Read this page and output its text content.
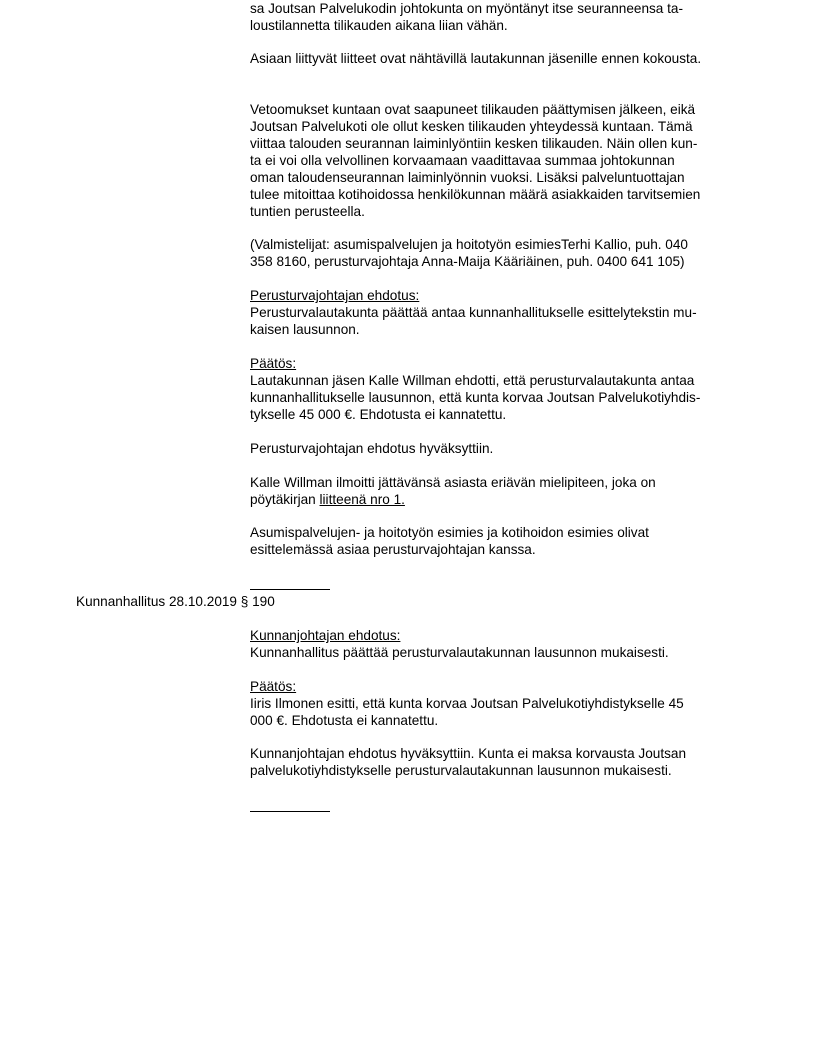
sa Joutsan Palvelukodin johtokunta on myöntänyt itse seuranneensa ta-
loustilannetta tilikauden aikana liian vähän.
Asiaan liittyvät liitteet ovat nähtävillä lautakunnan jäsenille ennen kokousta.
Vetoomukset kuntaan ovat saapuneet tilikauden päättymisen jälkeen, eikä
Joutsan Palvelukoti ole ollut kesken tilikauden yhteydessä kuntaan. Tämä
viittaa talouden seurannan laiminlyöntiin kesken tilikauden. Näin ollen kun-
ta ei voi olla velvollinen korvaamaan vaadittavaa summaa johtokunnan
oman taloudenseurannan laiminlyönnin vuoksi. Lisäksi palveluntuottajan
tulee mitoittaa kotihoidossa henkilökunnan määrä asiakkaiden tarvitsemien
tuntien perusteella.
(Valmistelijat: asumispalvelujen ja hoitotyön esimiesTerhi Kallio, puh. 040
358 8160, perusturvajohtaja Anna-Maija Kääriäinen, puh. 0400 641 105)
Perusturvajohtajan ehdotus:
Perusturvalautakunta päättää antaa kunnanhallitukselle esittelytekstin mu-
kaisen lausunnon.
Päätös:
Lautakunnan jäsen Kalle Willman ehdotti, että perusturvalautakunta antaa
kunnanhallitukselle lausunnon, että kunta korvaa Joutsan Palvelukotiyhdis-
tykselle 45 000 €. Ehdotusta ei kannatettu.
Perusturvajohtajan ehdotus hyväksyttiin.
Kalle Willman ilmoitti jättävänsä asiasta eriävän mielipiteen, joka on
pöytäkirjan liitteenä nro 1.
Asumispalvelujen- ja hoitotyön esimies ja kotihoidon esimies olivat
esittelemässä asiaa perusturvajohtajan kanssa.
Kunnanhallitus 28.10.2019 § 190
Kunnanjohtajan ehdotus:
Kunnanhallitus päättää perusturvalautakunnan lausunnon mukaisesti.
Päätös:
Iiris Ilmonen esitti, että kunta korvaa Joutsan Palvelukotiyhdistykselle 45
000 €. Ehdotusta ei kannatettu.
Kunnanjohtajan ehdotus hyväksyttiin. Kunta ei maksa korvausta Joutsan
palvelukotiyhdistykselle perusturvalautakunnan lausunnon mukaisesti.
